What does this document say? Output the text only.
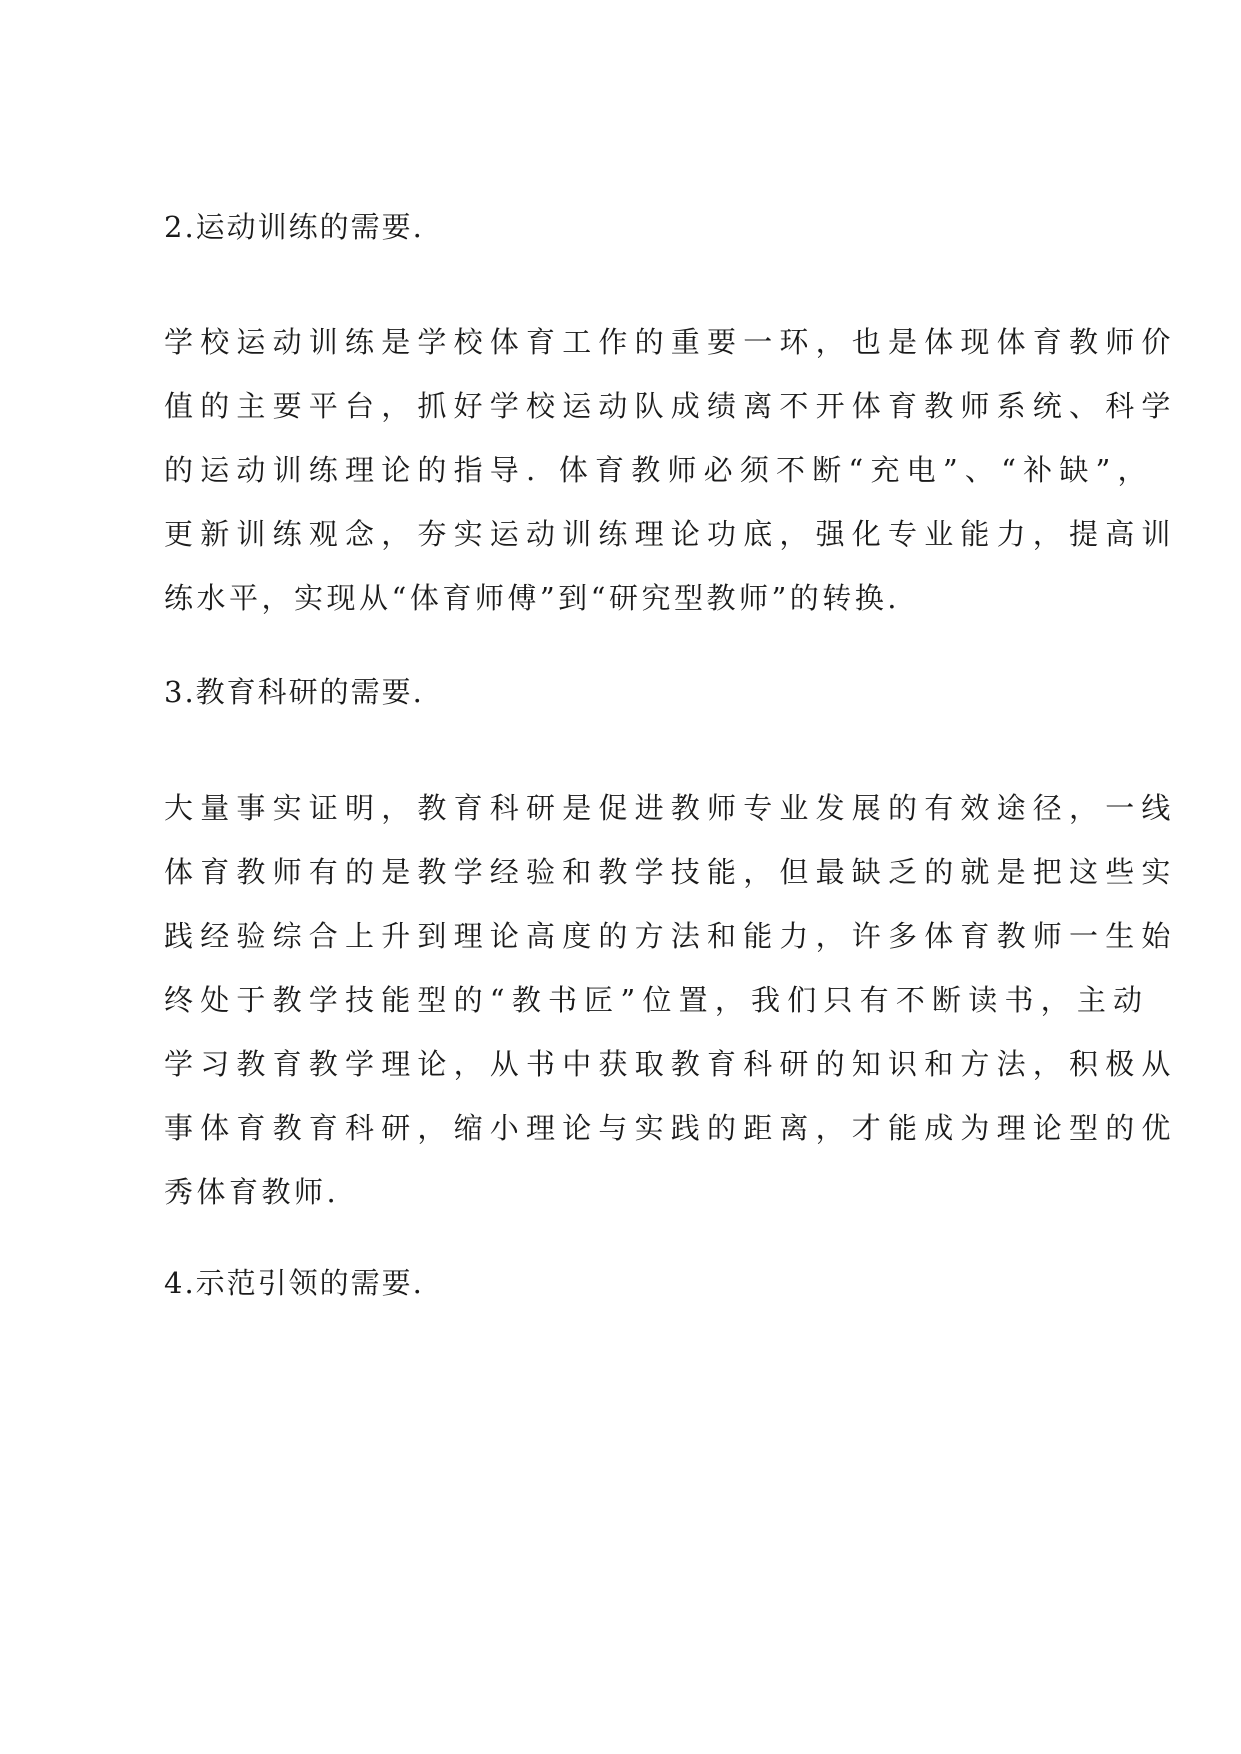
2.运动训练的需要.
学校运动训练是学校体育工作的重要一环，也是体现体育教师价
值的主要平台，抓好学校运动队成绩离不开体育教师系统、科学
的运动训练理论的指导. 体育教师必须不断“充电”、“补缺”，
更新训练观念，夯实运动训练理论功底，强化专业能力，提高训
练水平，实现从“体育师傅”到“研究型教师”的转换.
3.教育科研的需要.
大量事实证明，教育科研是促进教师专业发展的有效途径，一线
体育教师有的是教学经验和教学技能，但最缺乏的就是把这些实
践经验综合上升到理论高度的方法和能力，许多体育教师一生始
终处于教学技能型的“教书匠”位置，我们只有不断读书，主动
学习教育教学理论，从书中获取教育科研的知识和方法，积极从
事体育教育科研，缩小理论与实践的距离，才能成为理论型的优
秀体育教师.
4.示范引领的需要.
